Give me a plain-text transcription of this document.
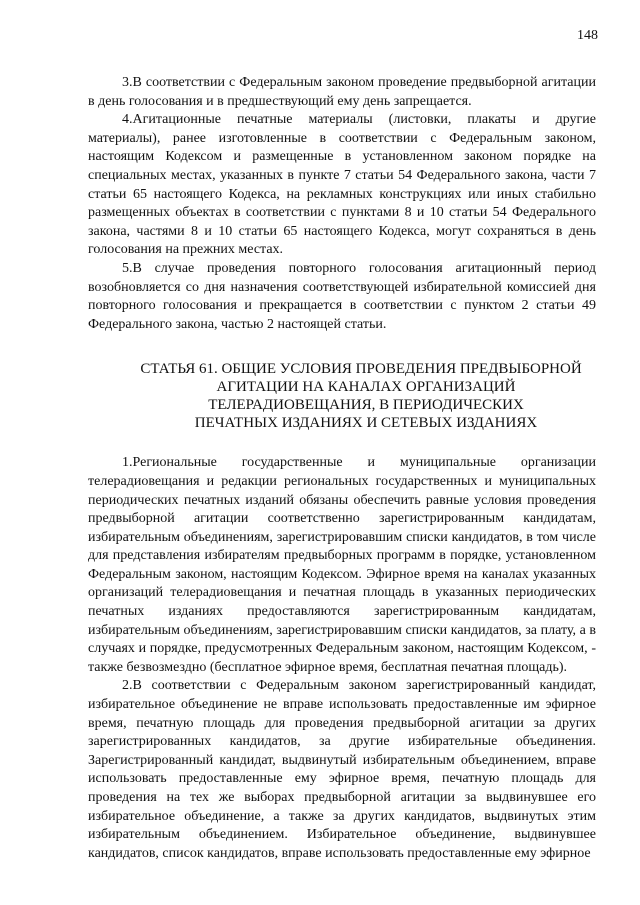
148

3.В соответствии с Федеральным законом проведение предвыборной агитации в день голосования и в предшествующий ему день запрещается.

4.Агитационные печатные материалы (листовки, плакаты и другие материалы), ранее изготовленные в соответствии с Федеральным законом, настоящим Кодексом и размещенные в установленном законом порядке на специальных местах, указанных в пункте 7 статьи 54 Федерального закона, части 7 статьи 65 настоящего Кодекса, на рекламных конструкциях или иных стабильно размещенных объектах в соответствии с пунктами 8 и 10 статьи 54 Федерального закона, частями 8 и 10 статьи 65 настоящего Кодекса, могут сохраняться в день голосования на прежних местах.

5.В случае проведения повторного голосования агитационный период возобновляется со дня назначения соответствующей избирательной комиссией дня повторного голосования и прекращается в соответствии с пунктом 2 статьи 49 Федерального закона, частью 2 настоящей статьи.

СТАТЬЯ 61. ОБЩИЕ УСЛОВИЯ ПРОВЕДЕНИЯ ПРЕДВЫБОРНОЙ
АГИТАЦИИ НА КАНАЛАХ ОРГАНИЗАЦИЙ
ТЕЛЕРАДИОВЕЩАНИЯ, В ПЕРИОДИЧЕСКИХ
ПЕЧАТНЫХ ИЗДАНИЯХ И СЕТЕВЫХ ИЗДАНИЯХ

1.Региональные государственные и муниципальные организации телерадиовещания и редакции региональных государственных и муниципальных периодических печатных изданий обязаны обеспечить равные условия проведения предвыборной агитации соответственно зарегистрированным кандидатам, избирательным объединениям, зарегистрировавшим списки кандидатов, в том числе для представления избирателям предвыборных программ в порядке, установленном Федеральным законом, настоящим Кодексом. Эфирное время на каналах указанных организаций телерадиовещания и печатная площадь в указанных периодических печатных изданиях предоставляются зарегистрированным кандидатам, избирательным объединениям, зарегистрировавшим списки кандидатов, за плату, а в случаях и порядке, предусмотренных Федеральным законом, настоящим Кодексом, - также безвозмездно (бесплатное эфирное время, бесплатная печатная площадь).

2.В соответствии с Федеральным законом зарегистрированный кандидат, избирательное объединение не вправе использовать предоставленные им эфирное время, печатную площадь для проведения предвыборной агитации за других зарегистрированных кандидатов, за другие избирательные объединения. Зарегистрированный кандидат, выдвинутый избирательным объединением, вправе использовать предоставленные ему эфирное время, печатную площадь для проведения на тех же выборах предвыборной агитации за выдвинувшее его избирательное объединение, а также за других кандидатов, выдвинутых этим избирательным объединением. Избирательное объединение, выдвинувшее кандидатов, список кандидатов, вправе использовать предоставленные ему эфирное
